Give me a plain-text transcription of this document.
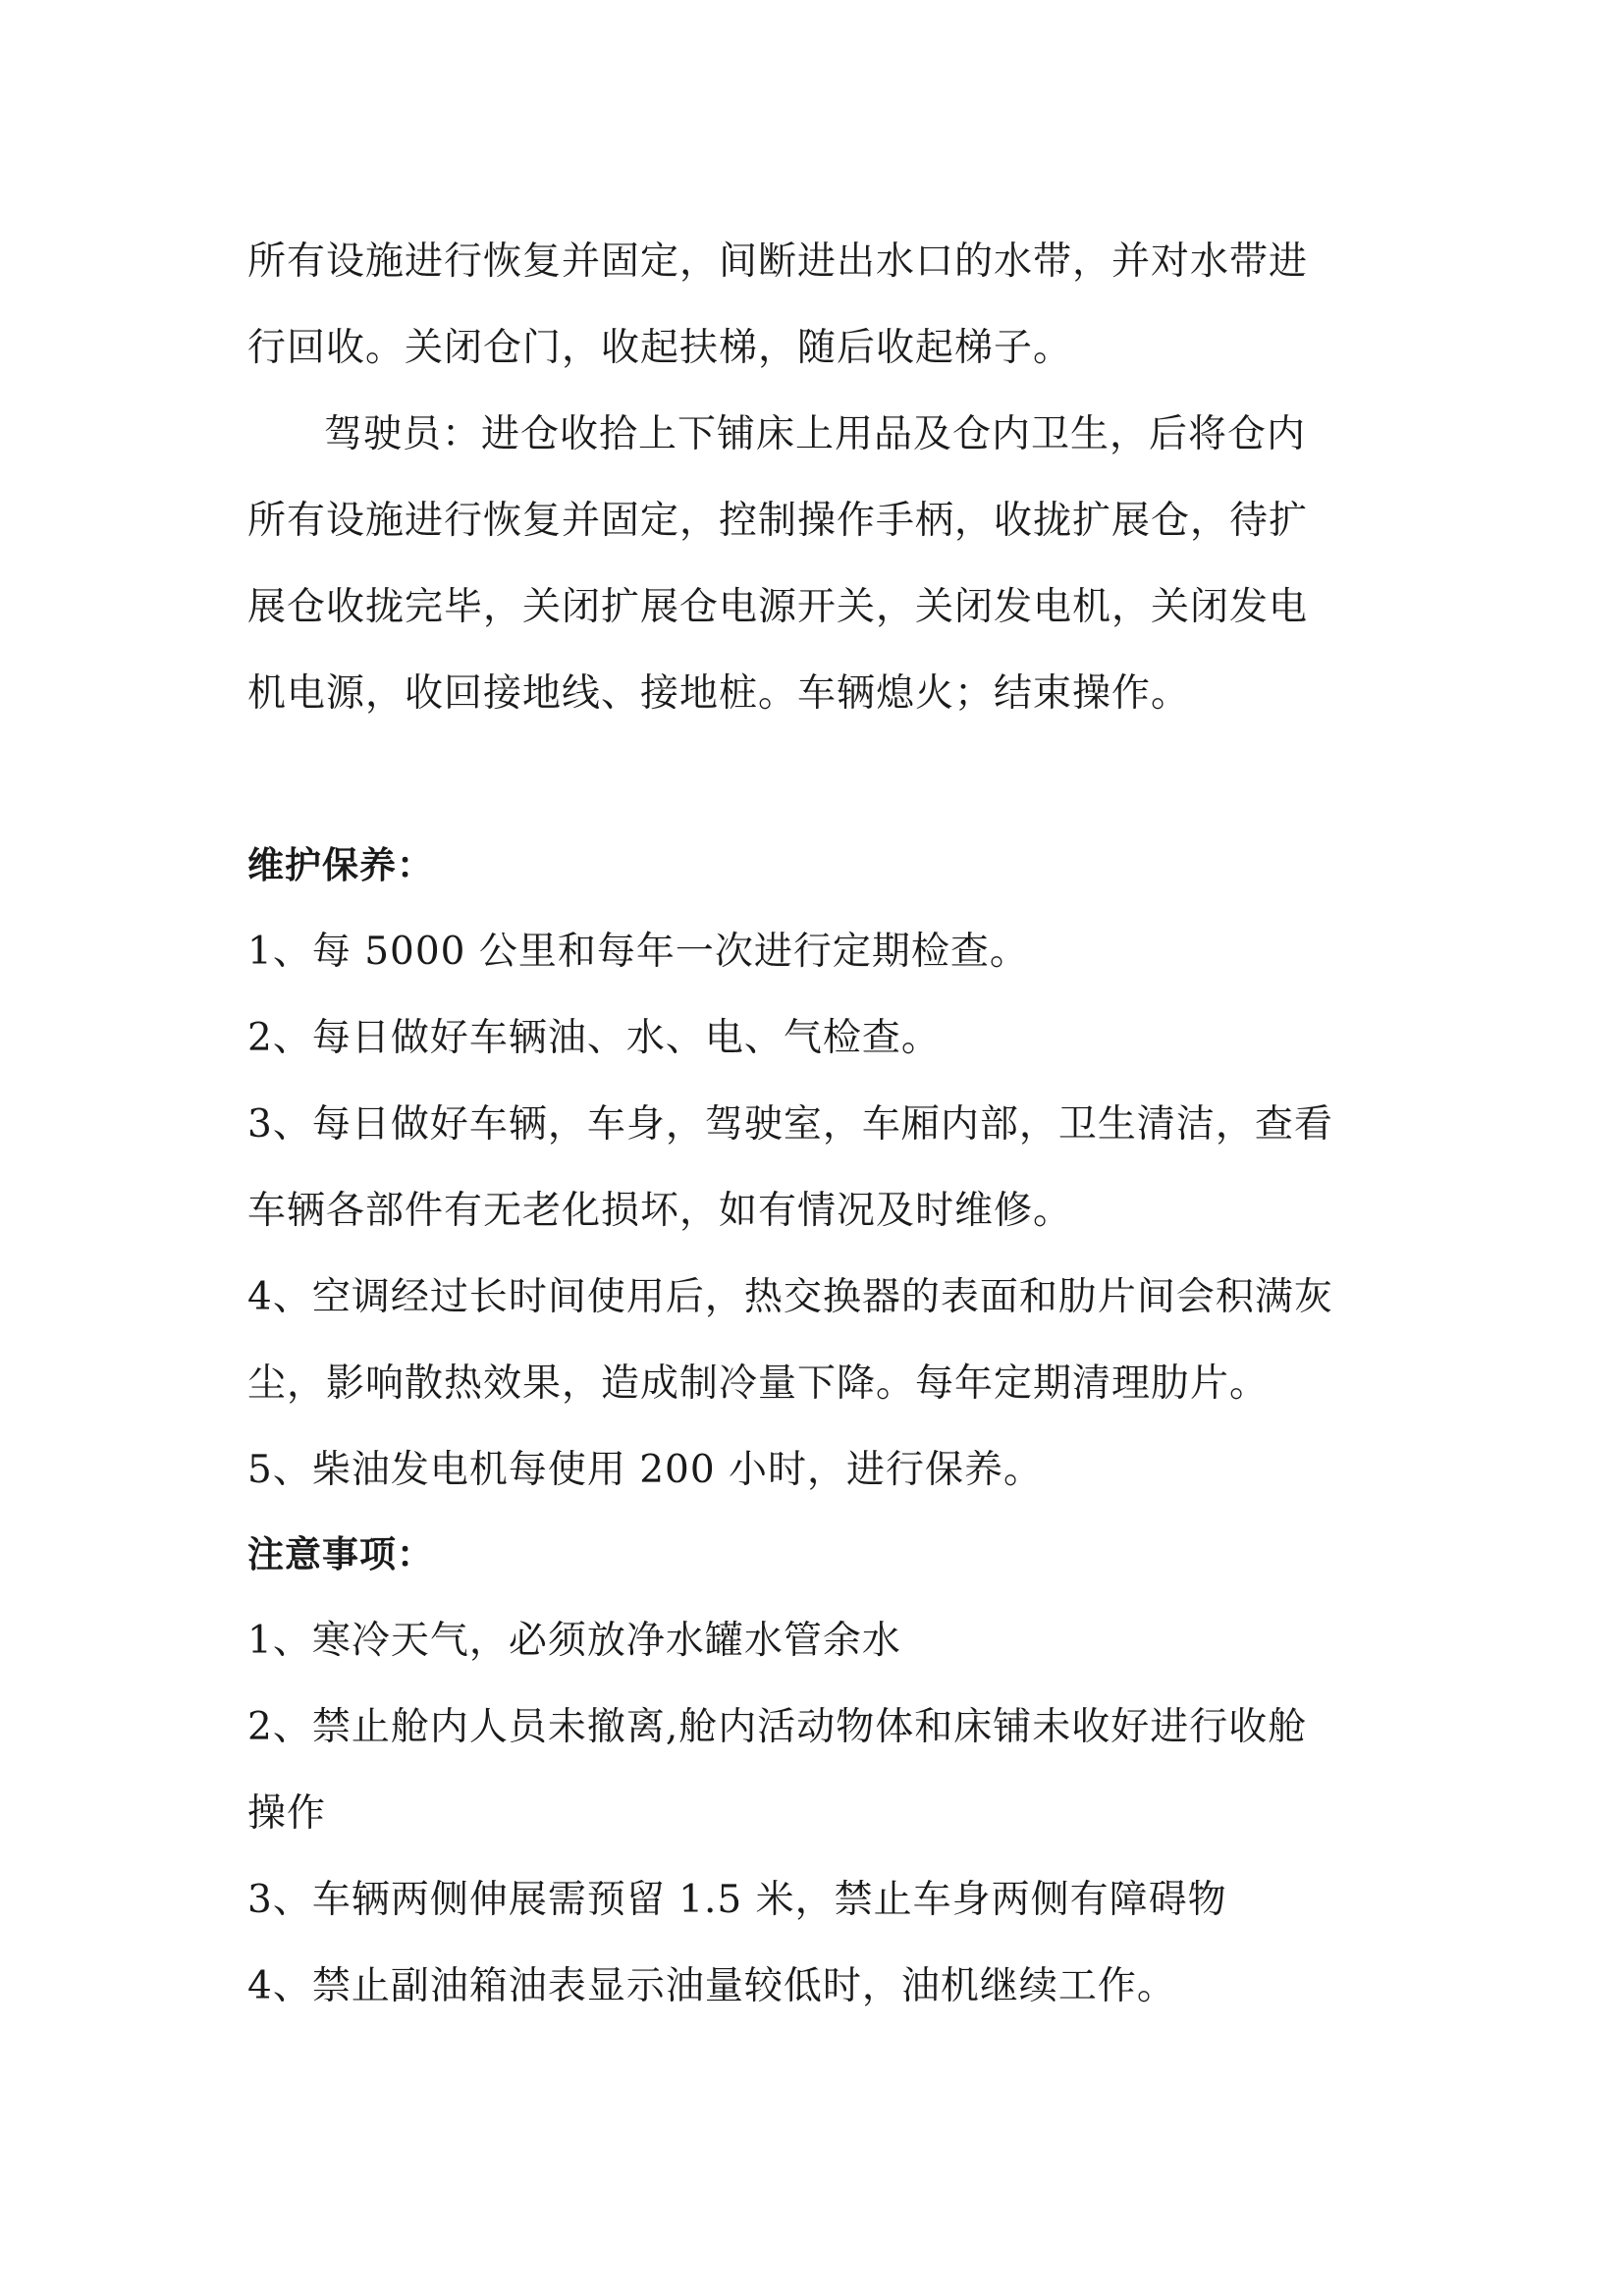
所有设施进行恢复并固定，间断进出水口的水带，并对水带进
行回收。关闭仓门，收起扶梯，随后收起梯子。
驾驶员：进仓收拾上下铺床上用品及仓内卫生，后将仓内
所有设施进行恢复并固定，控制操作手柄，收拢扩展仓，待扩
展仓收拢完毕，关闭扩展仓电源开关，关闭发电机，关闭发电
机电源，收回接地线、接地桩。车辆熄火；结束操作。
维护保养：
1、每 5000 公里和每年一次进行定期检查。
2、每日做好车辆油、水、电、气检查。
3、每日做好车辆，车身，驾驶室，车厢内部，卫生清洁，查看
车辆各部件有无老化损坏，如有情况及时维修。
4、空调经过长时间使用后，热交换器的表面和肋片间会积满灰
尘，影响散热效果，造成制冷量下降。每年定期清理肋片。
5、柴油发电机每使用 200 小时，进行保养。
注意事项：
1、寒冷天气，必须放净水罐水管余水
2、禁止舱内人员未撤离,舱内活动物体和床铺未收好进行收舱
操作
3、车辆两侧伸展需预留 1.5 米，禁止车身两侧有障碍物
4、禁止副油箱油表显示油量较低时，油机继续工作。
